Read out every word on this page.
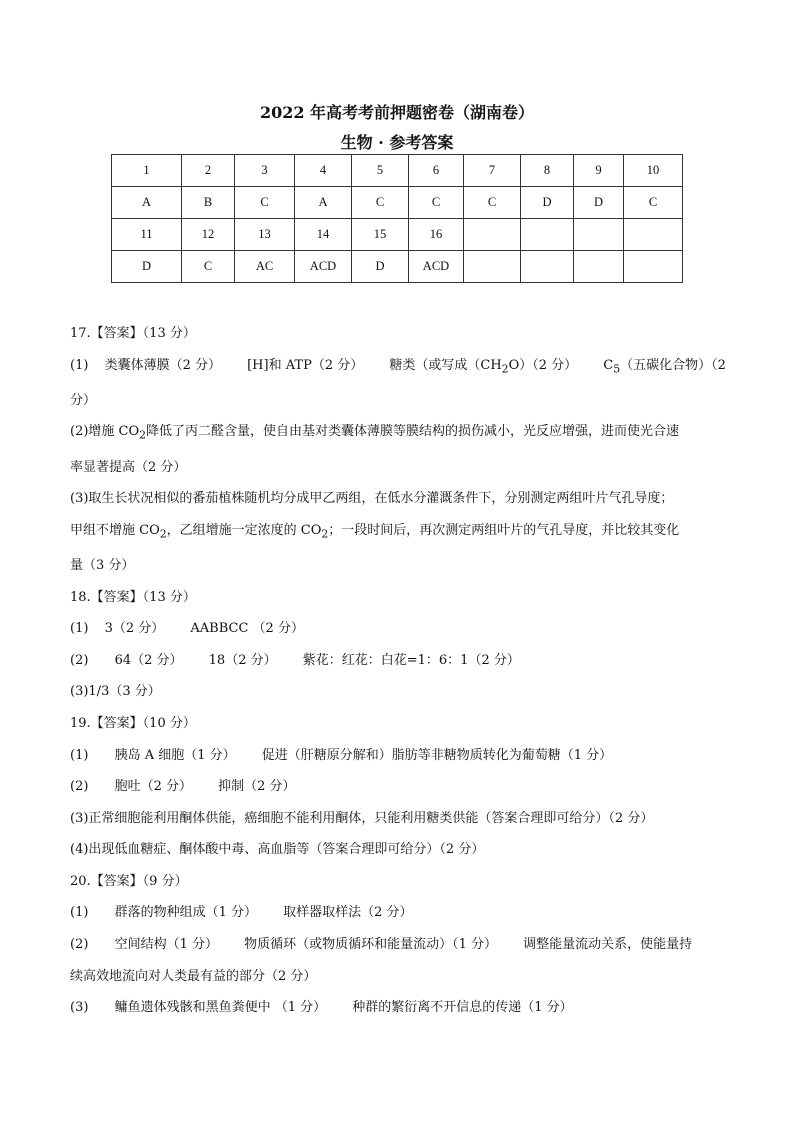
2022 年高考考前押题密卷（湖南卷）
生物 · 参考答案
1	2	3	4	5	6	7	8	9	10
A	B	C	A	C	C	C	D	D	C
11	12	13	14	15	16				
D	C	AC	ACD	D	ACD				

17.【答案】（13 分）

(1) 类囊体薄膜（2 分） [H]和 ATP（2 分） 糖类（或写成$(CH_2O)(2$ 分） $C_5$（五碳化合物）（2

分）

(2)增施 $CO_2$降低了丙二醛含量，使自由基对类囊体薄膜等膜结构的损伤减小，光反应增强，进而使光合速

率显著提高（2 分）

(3)取生长状况相似的番茄植株随机均分成甲乙两组，在低水分灌溉条件下，分别测定两组叶片气孔导度；

甲组不增施 $CO_2$，乙组增施一定浓度的 $CO_2$；一段时间后，再次测定两组叶片的气孔导度，并比较其变化

量（3 分）

18.【答案】（13 分）

(1) 3（2 分） AABBCC （2 分）

(2) 64（2 分） 18（2 分） 紫花：红花：白花=1：6：1（2 分）

(3)1/3（3 分）

19.【答案】（10 分）

(1) 胰岛 A 细胞（1 分） 促进（肝糖原分解和）脂肪等非糖物质转化为葡萄糖（1 分）

(2) 胞吐（2 分） 抑制（2 分）

(3)正常细胞能利用酮体供能，癌细胞不能利用酮体，只能利用糖类供能（答案合理即可给分）（2 分）

(4)出现低血糖症、酮体酸中毒、高血脂等（答案合理即可给分）（2 分）

20.【答案】（9 分）

(1) 群落的物种组成（1 分） 取样器取样法（2 分）

(2) 空间结构（1 分） 物质循环（或物质循环和能量流动）（1 分） 调整能量流动关系，使能量持

续高效地流向对人类最有益的部分（2 分）

(3) 鳙鱼遗体残骸和黑鱼粪便中 （1 分） 种群的繁衍离不开信息的传递（1 分）
